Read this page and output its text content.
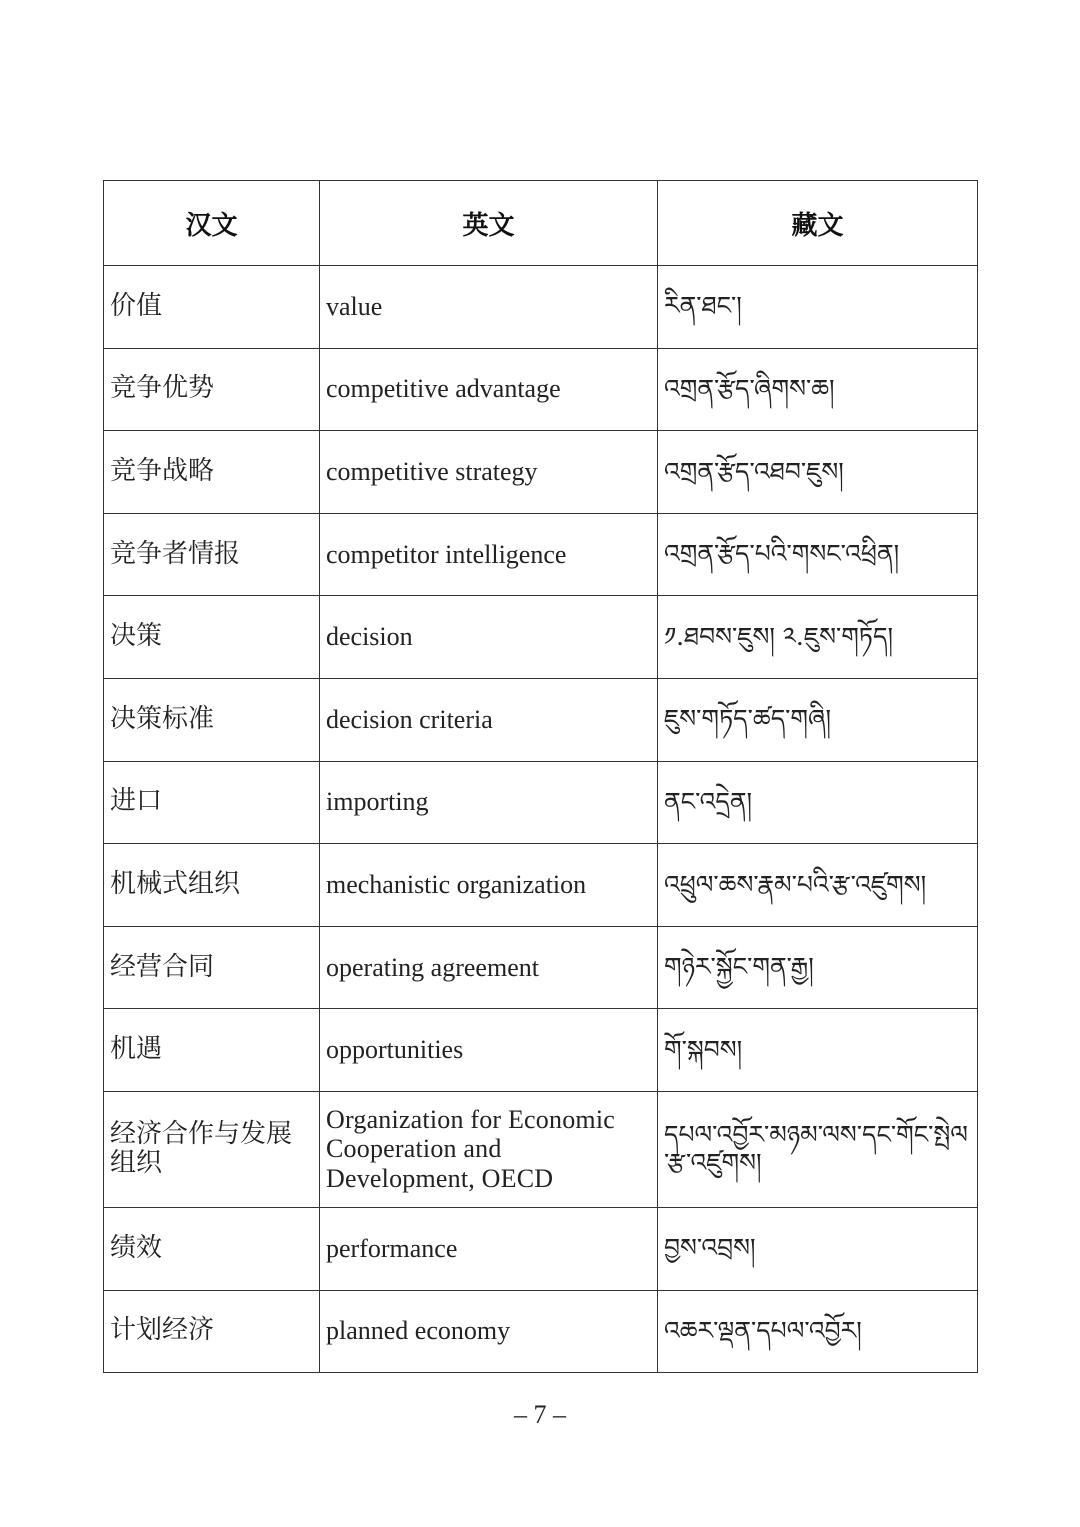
汉文	英文	藏文
价值	value	རིན་ཐང་།
竞争优势	competitive advantage	འགྲན་རྩོད་ཞིགས་ཆ།
竞争战略	competitive strategy	འགྲན་རྩོད་འཐབ་ཇུས།
竞争者情报	competitor intelligence	འགྲན་རྩོད་པའི་གསང་འཕྲིན།
决策	decision	༡.ཐབས་ཇུས། ༢.ཇུས་གཏོད།
决策标准	decision criteria	ཇུས་གཏོད་ཚད་གཞི།
进口	importing	ནང་འདྲེན།
机械式组织	mechanistic organization	འཕྲུལ་ཆས་རྣམ་པའི་རྩ་འཛུགས།
经营合同	operating agreement	གཉེར་སྐྱོང་གན་རྒྱ།
机遇	opportunities	གོ་སྐབས།
经济合作与发展组织	Organization for Economic Cooperation and Development, OECD	དཔལ་འབྱོར་མཉམ་ལས་དང་གོང་སྤེལ་རྩ་འཛུགས།
绩效	performance	བྱས་འབྲས།
计划经济	planned economy	འཆར་ལྡན་དཔལ་འབྱོར།
– 7 –
